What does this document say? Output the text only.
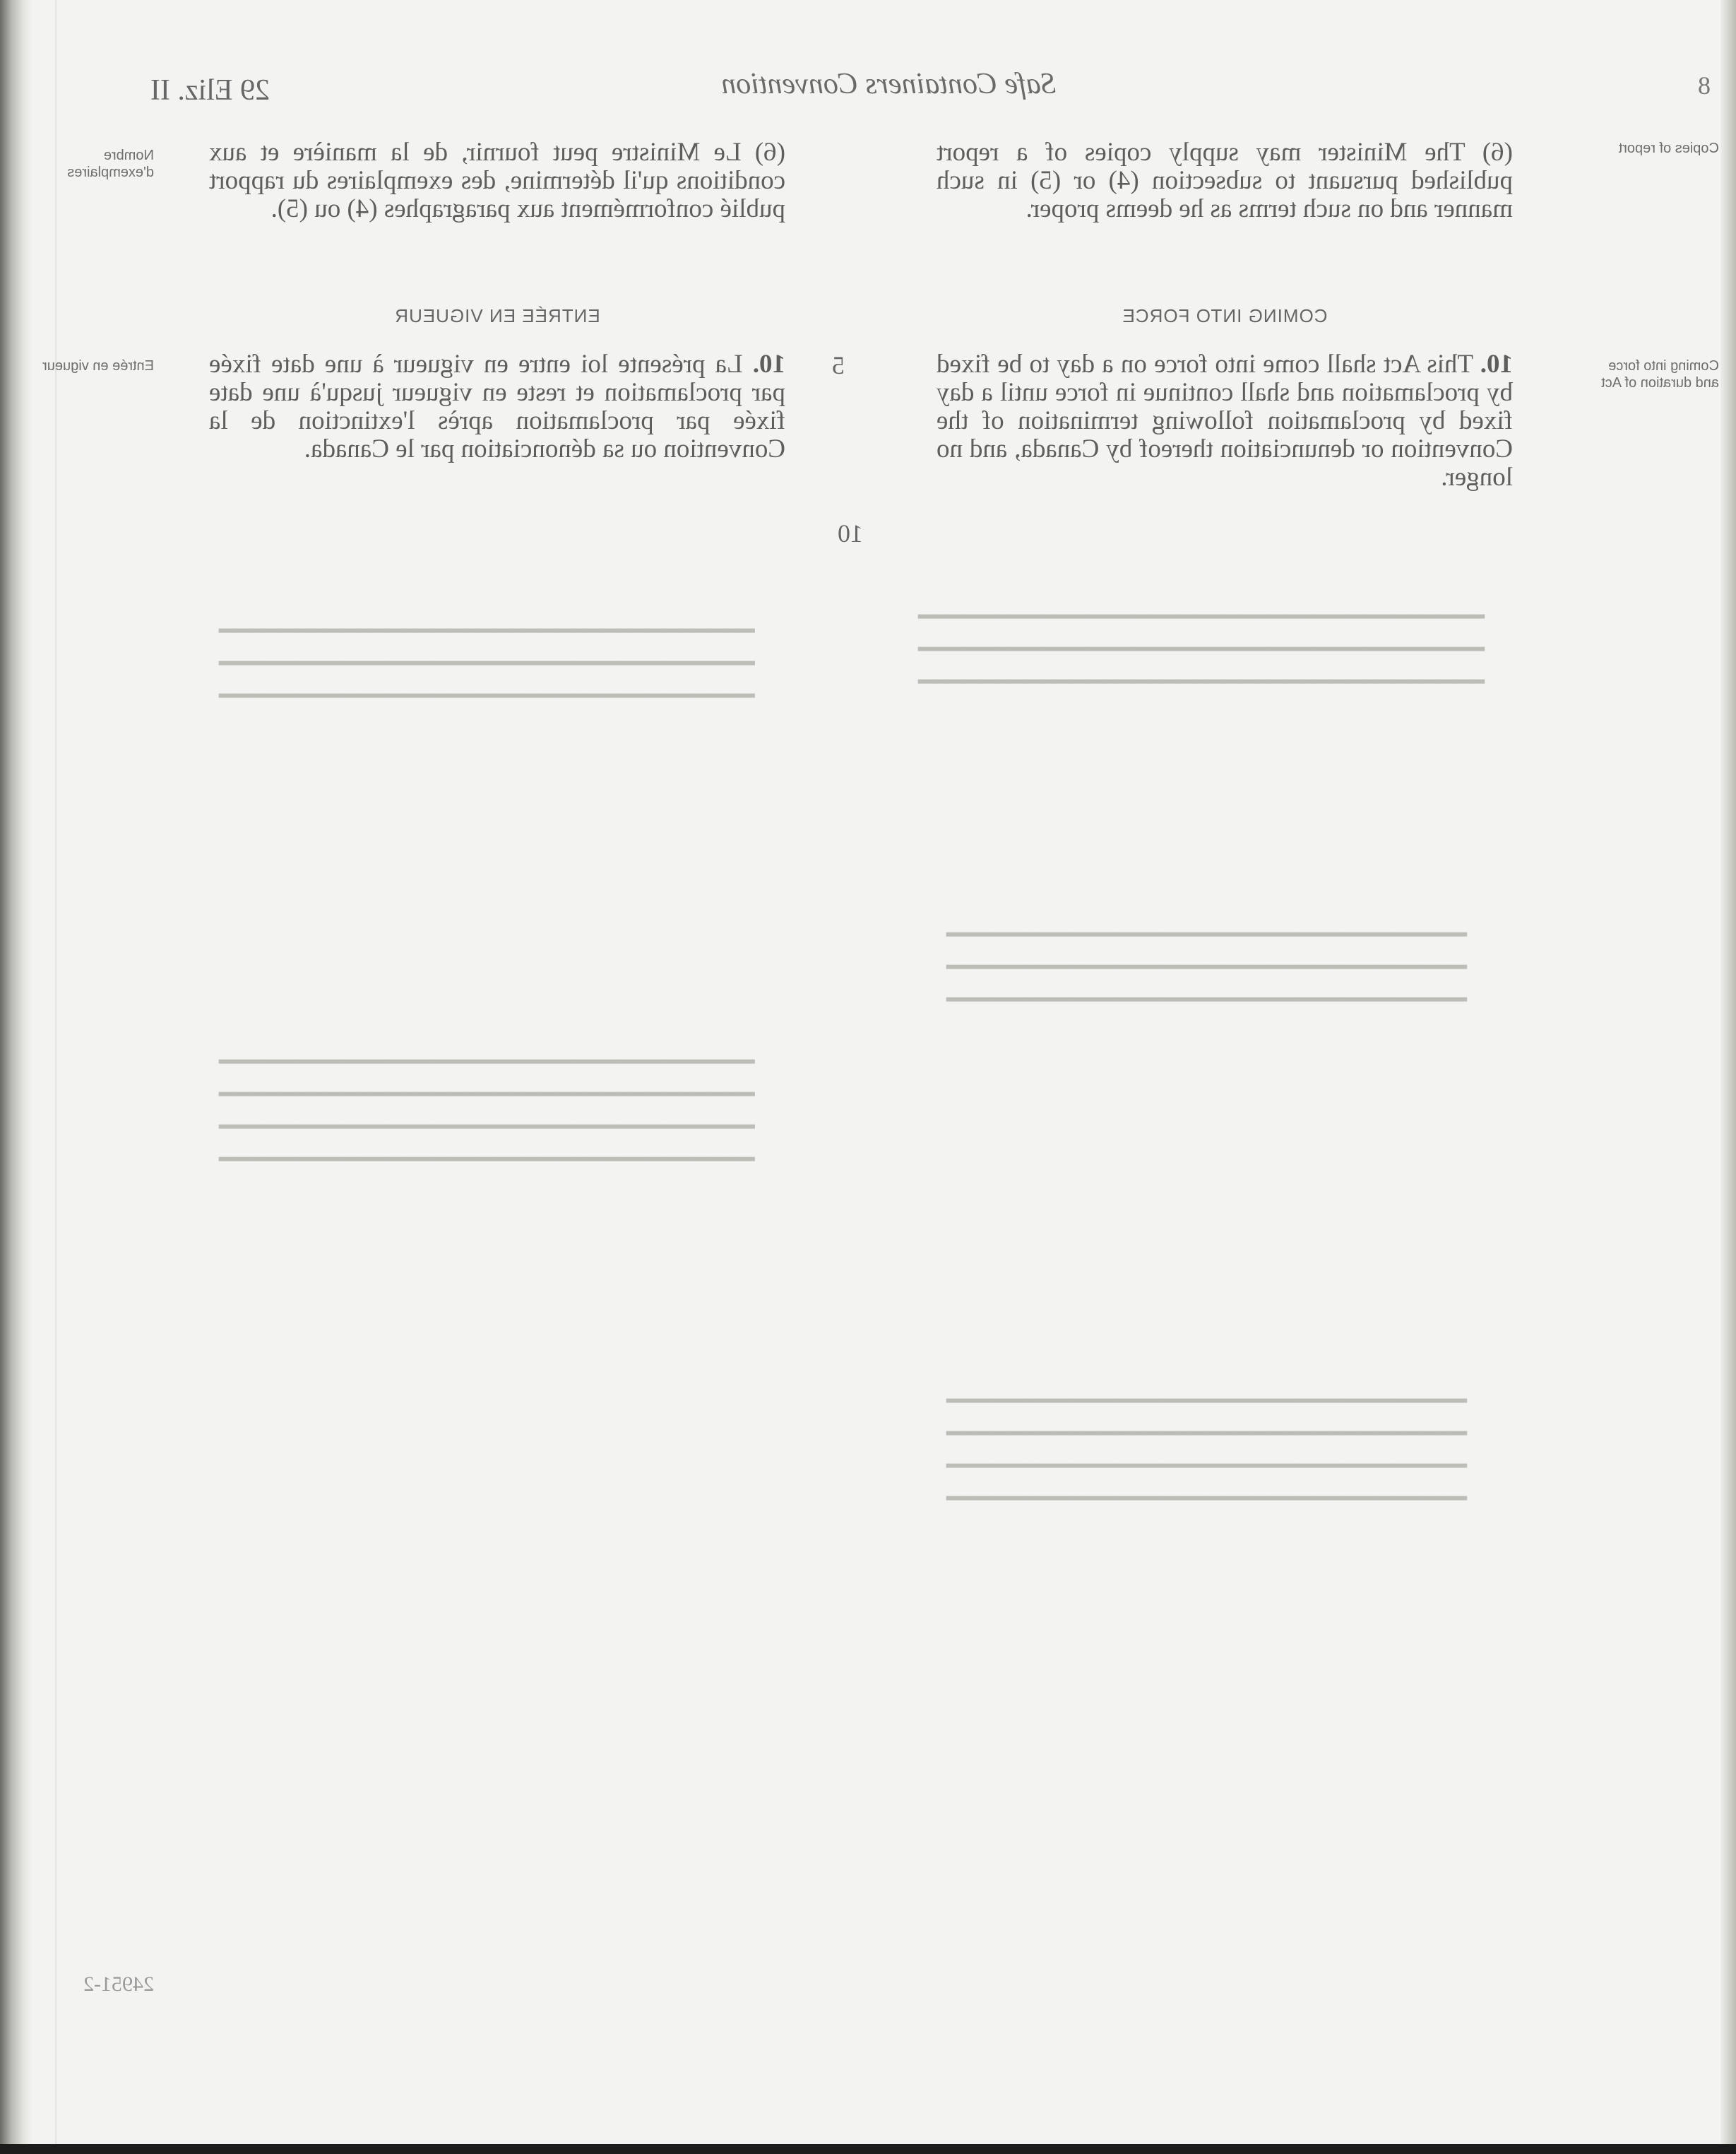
━━━━━━━━━━━━━━━━━━━━━━━━━━━━━━━━━━━━━
━━━━━━━━━━━━━━━━━━━━━━━━━━━━━━━━━━━━━
━━━━━━━━━━━━━━━━━━━━━━━━━━━━━━━━━━━━━
━━━━━━━━━━━━━━━━━━━━━━━━━━━━━━━━━━
━━━━━━━━━━━━━━━━━━━━━━━━━━━━━━━━━━
━━━━━━━━━━━━━━━━━━━━━━━━━━━━━━━━━━
━━━━━━━━━━━━━━━━━━━━━━━━━━━━━━━━━━
━━━━━━━━━━━━━━━━━━━━━━━━━━━━━━━━━━
━━━━━━━━━━━━━━━━━━━━━━━━━━━━━━━━━━
━━━━━━━━━━━━━━━━━━━━━━━━━━━━━━━━━━
━━━━━━━━━━━━━━━━━━━━━━━━━━━━━━━━━━━
━━━━━━━━━━━━━━━━━━━━━━━━━━━━━━━━━━━
━━━━━━━━━━━━━━━━━━━━━━━━━━━━━━━━━━━
━━━━━━━━━━━━━━━━━━━━━━━━━━━━━━━━━━━
━━━━━━━━━━━━━━━━━━━━━━━━━━━━━━━━━━━
━━━━━━━━━━━━━━━━━━━━━━━━━━━━━━━━━━━
━━━━━━━━━━━━━━━━━━━━━━━━━━━━━━━━━━━
8
Safe Containers Convention
29 Eliz. II
Copies of report

(6) The Minister may supply copies of a report published pursuant to subsection (4) or (5) in such manner and on such terms as he deems proper.

Nombre d'exemplaires

(6) Le Ministre peut fournir, de la manière et aux conditions qu'il détermine, des exemplaires du rapport publié conformément aux paragraphes (4) ou (5).

COMING INTO FORCE
ENTRÉE EN VIGUEUR
Coming into force and duration of Act

10. This Act shall come into force on a day to be fixed by proclamation and shall continue in force until a day fixed by proclamation following termination of the Convention or denunciation thereof by Canada, and no longer.

10
5
Entrée en vigueur	10. La présente loi entre en vigueur à une date fixée par proclamation et reste en vigueur jusqu'à une date fixée par proclamation après l'extinction de la Convention ou sa dénonciation par le Canada.

24951-2
